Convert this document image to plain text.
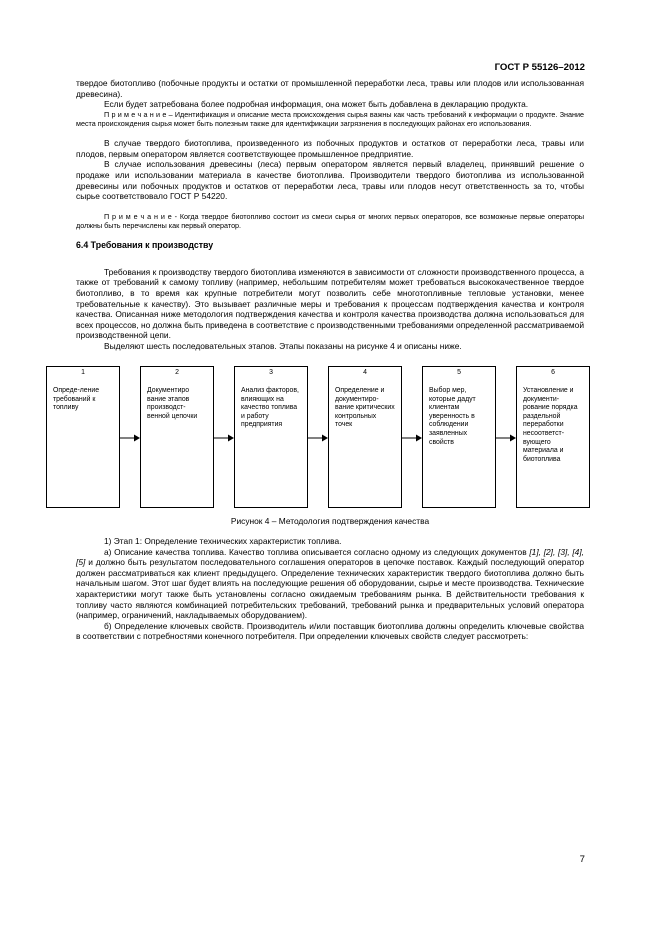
ГОСТ Р 55126–2012

твердое биотопливо (побочные продукты и остатки от промышленной переработки леса, травы или плодов или использованная древесина).

Если будет затребована более подробная информация, она может быть добавлена в декларацию продукта.

П р и м е ч а н и е – Идентификация и описание места происхождения сырья важны как часть требований к информации о продукте. Знание места происхождения сырья может быть полезным также для идентификации загрязнения в последующих районах его использования.

В случае твердого биотоплива, произведенного из побочных продуктов и остатков от переработки леса, травы или плодов, первым оператором является соответствующее промышленное предприятие.

В случае использования древесины (леса) первым оператором является первый владелец, принявший решение о продаже или использовании материала в качестве биотоплива. Производители твердого биотоплива из использованной древесины или побочных продуктов и остатков от переработки леса, травы или плодов несут ответственность за то, чтобы сырье соответствовало ГОСТ Р 54220.

П р и м е ч а н и е - Когда твердое биотопливо состоит из смеси сырья от многих первых операторов, все возможные первые операторы должны быть перечислены как первый оператор.

6.4 Требования к производству

Требования к производству твердого биотоплива изменяются в зависимости от сложности производственного процесса, а также от требований к самому топливу (например, небольшим потребителям может требоваться высококачественное твердое биотопливо, в то время как крупные потребители могут позволить себе многотопливные тепловые установки, менее требовательные к качеству). Это вызывает различные меры и требования к процессам подтверждения качества и контроля качества. Описанная ниже методология подтверждения качества и контроля качества производства должна использоваться для всех процессов, но должна быть приведена в соответствие с производственными требованиями определенной рассматриваемой производственной цепи.

Выделяют шесть последовательных этапов. Этапы показаны на рисунке 4 и описаны ниже.

1
Опреде-ление требований к топливу
2
Документиро вание этапов производст-венной цепочки
3
Анализ факторов, влияющих на качество топлива и работу предприятия
4
Определение и документиро-вание критических контрольных точек
5
Выбор мер, которые дадут клиентам уверенность в соблюдении заявленных свойств
6
Установление и документи-рование порядка раздельной переработки несоответст-вующего материала и биотоплива

Рисунок 4 – Методология подтверждения качества

1) Этап 1: Определение технических характеристик топлива.

а) Описание качества топлива. Качество топлива описывается согласно одному из следующих документов [1], [2], [3], [4], [5] и должно быть результатом последовательного соглашения операторов в цепочке поставок. Каждый последующий оператор должен рассматриваться как клиент предыдущего. Определение технических характеристик твердого биотоплива должно быть начальным шагом. Этот шаг будет влиять на последующие решения об оборудовании, сырье и месте производства. Технические характеристики могут также быть установлены согласно ожидаемым требованиям рынка. В действительности требования к топливу часто являются комбинацией потребительских требований, требований рынка и предварительных условий оператора (например, ограничений, накладываемых оборудованием).

б) Определение ключевых свойств. Производитель и/или поставщик биотоплива должны определить ключевые свойства в соответствии с потребностями конечного потребителя. При определении ключевых свойств следует рассмотреть:

7
